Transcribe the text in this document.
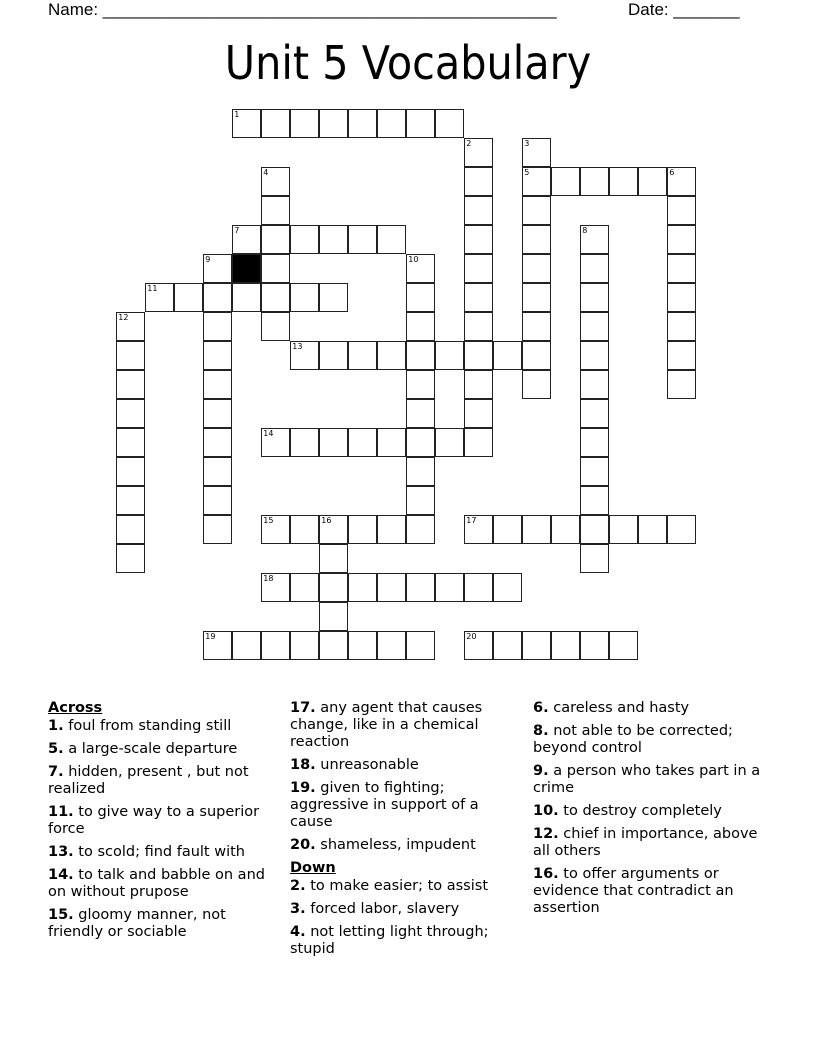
Name: ________________________________________________	Date: _______
Unit 5 Vocabulary
1
5	6
7
11
13
14
15	16	17
18
19	20
2	3
4
8
9	10
12
Across
1. foul from standing still
5. a large-scale departure
7. hidden, present , but not realized
11. to give way to a superior force
13. to scold; find fault with
14. to talk and babble on and on without prupose
15. gloomy manner, not friendly or sociable
17. any agent that causes change, like in a chemical reaction
18. unreasonable
19. given to fighting; aggressive in support of a cause
20. shameless, impudent
Down
2. to make easier; to assist
3. forced labor, slavery
4. not letting light through; stupid
6. careless and hasty
8. not able to be corrected; beyond control
9. a person who takes part in a crime
10. to destroy completely
12. chief in importance, above all others
16. to offer arguments or evidence that contradict an assertion
